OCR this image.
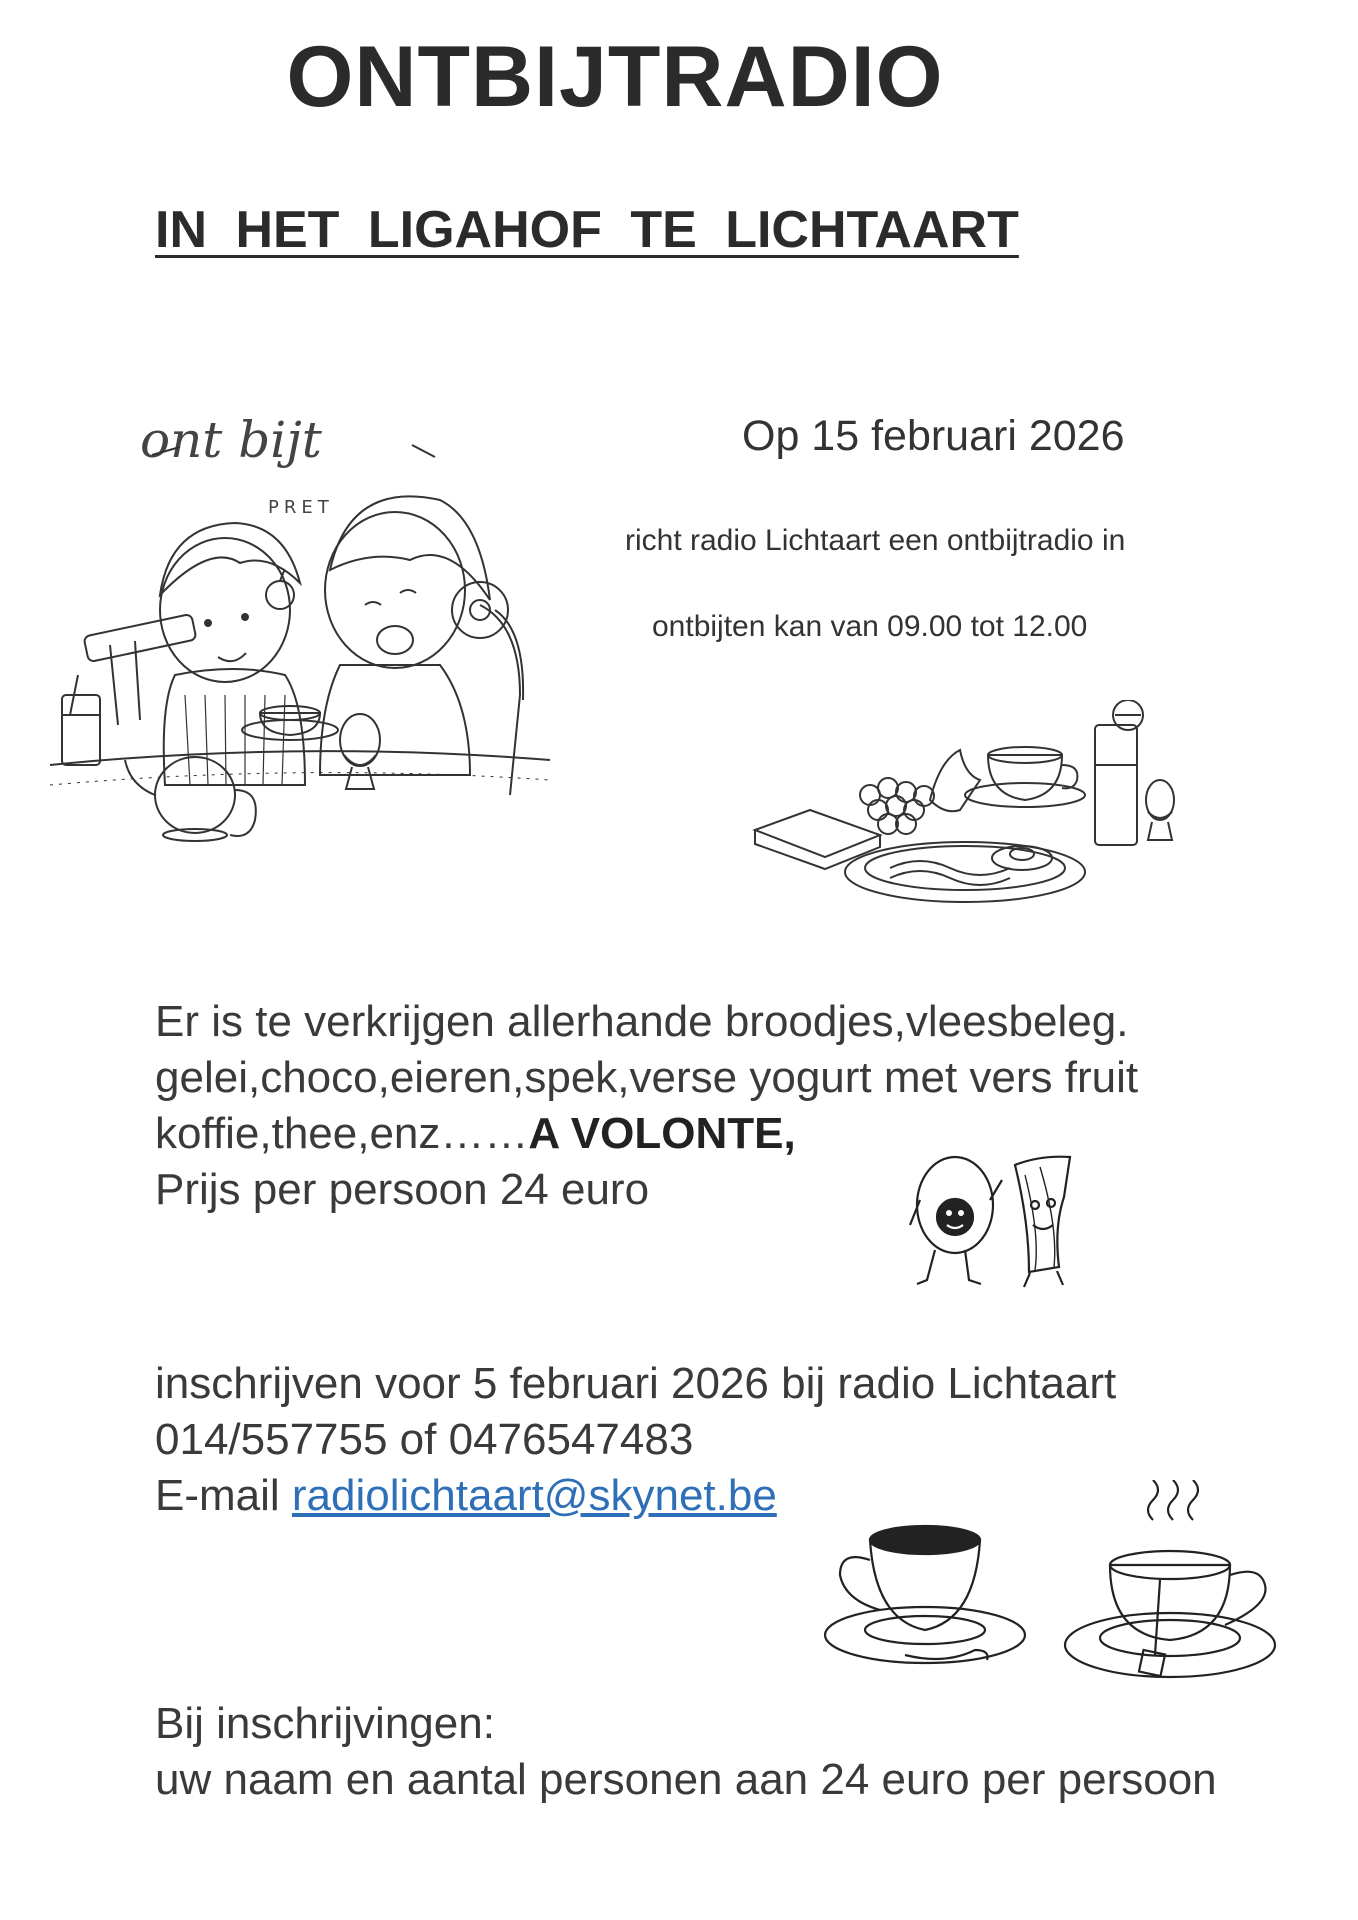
ONTBIJTRADIO
IN HET LIGAHOF TE LICHTAART
ont bijt
PRET
Op 15 februari 2026
richt radio Lichtaart een ontbijtradio in
ontbijten kan van 09.00 tot 12.00
Er is te verkrijgen allerhande broodjes,vleesbeleg.
gelei,choco,eieren,spek,verse yogurt met vers fruit
koffie,thee,enz……A VOLONTE,
Prijs per persoon 24 euro
inschrijven voor 5 februari 2026 bij radio Lichtaart
014/557755 of 0476547483
E-mail radiolichtaart@skynet.be
Bij inschrijvingen:
uw naam en aantal personen aan 24 euro per persoon
